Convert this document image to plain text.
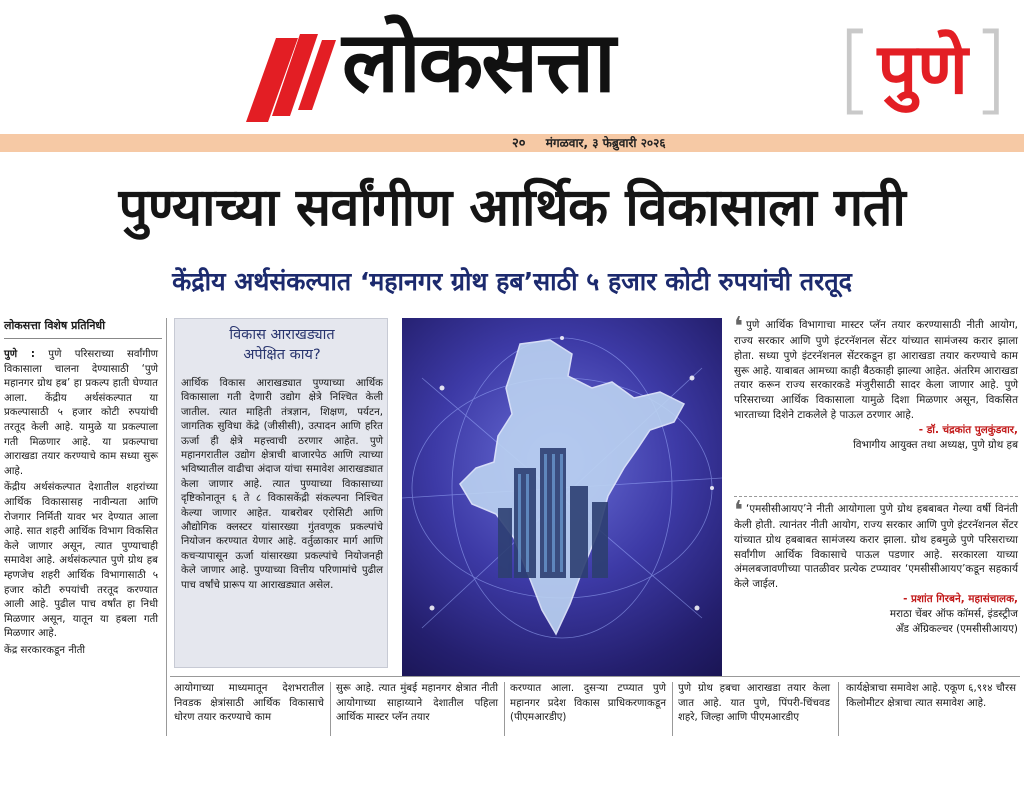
लोकसत्ता [ पुणे ]
२० मंगळवार, ३ फेब्रुवारी २०२६
पुण्याच्या सर्वांगीण आर्थिक विकासाला गती
केंद्रीय अर्थसंकल्पात ‘महानगर ग्रोथ हब’साठी ५ हजार कोटी रुपयांची तरतूद
लोकसत्ता विशेष प्रतिनिधी

पुणे : पुणे परिसराच्या सर्वांगीण विकासाला चालना देण्यासाठी ‘पुणे महानगर ग्रोथ हब’ हा प्रकल्प हाती घेण्यात आला. केंद्रीय अर्थसंकल्पात या प्रकल्पासाठी ५ हजार कोटी रुपयांची तरतूद केली आहे. यामुळे या प्रकल्पाला गती मिळणार आहे. या प्रकल्पाचा आराखडा तयार करण्याचे काम सध्या सुरू आहे.

केंद्रीय अर्थसंकल्पात देशातील शहरांच्या आर्थिक विकासासह नावीन्यता आणि रोजगार निर्मिती यावर भर देण्यात आला आहे. सात शहरी आर्थिक विभाग विकसित केले जाणार असून, त्यात पुण्याचाही समावेश आहे. अर्थसंकल्पात पुणे ग्रोथ हब म्हणजेच शहरी आर्थिक विभागासाठी ५ हजार कोटी रुपयांची तरतूद करण्यात आली आहे. पुढील पाच वर्षांत हा निधी मिळणार असून, यातून या हबला गती मिळणार आहे.

केंद्र सरकारकडून नीती

विकास आराखड्यात
अपेक्षित काय?
आर्थिक विकास आराखड्यात पुण्याच्या आर्थिक विकासाला गती देणारी उद्योग क्षेत्रे निश्चित केली जातील. त्यात माहिती तंत्रज्ञान, शिक्षण, पर्यटन, जागतिक सुविधा केंद्रे (जीसीसी), उत्पादन आणि हरित ऊर्जा ही क्षेत्रे महत्त्वाची ठरणार आहेत. पुणे महानगरातील उद्योग क्षेत्राची बाजारपेठ आणि त्याच्या भविष्यातील वाढीचा अंदाज यांचा समावेश आराखड्यात केला जाणार आहे. त्यात पुण्याच्या विकासाच्या दृष्टिकोनातून ६ ते ८ विकासकेंद्री संकल्पना निश्चित केल्या जाणार आहेत. याबरोबर एरोसिटी आणि औद्योगिक क्लस्टर यांसारख्या गुंतवणूक प्रकल्पांचे नियोजन करण्यात येणार आहे. वर्तुळाकार मार्ग आणि कचऱ्यापासून ऊर्जा यांसारख्या प्रकल्पांचे नियोजनही केले जाणार आहे. पुण्याच्या वित्तीय परिणामांचे पुढील पाच वर्षांचे प्रारूप या आराखड्यात असेल.
❛ पुणे आर्थिक विभागाचा मास्टर प्लॅन तयार करण्यासाठी नीती आयोग, राज्य सरकार आणि पुणे इंटरनॅशनल सेंटर यांच्यात सामंजस्य करार झाला होता. सध्या पुणे इंटरनॅशनल सेंटरकडून हा आराखडा तयार करण्याचे काम सुरू आहे. याबाबत आमच्या काही बैठकाही झाल्या आहेत. अंतरिम आराखडा तयार करून राज्य सरकारकडे मंजुरीसाठी सादर केला जाणार आहे. पुणे परिसराच्या आर्थिक विकासाला यामुळे दिशा मिळणार असून, विकसित भारताच्या दिशेने टाकलेले हे पाऊल ठरणार आहे.
- डॉ. चंद्रकांत पुलकुंडवार,
विभागीय आयुक्त तथा अध्यक्ष, पुणे ग्रोथ हब
❛ ‘एमसीसीआयए’ने नीती आयोगाला पुणे ग्रोथ हबबाबत गेल्या वर्षी विनंती केली होती. त्यानंतर नीती आयोग, राज्य सरकार आणि पुणे इंटरनॅशनल सेंटर यांच्यात ग्रोथ हबबाबत सामंजस्य करार झाला. ग्रोथ हबमुळे पुणे परिसराच्या सर्वांगीण आर्थिक विकासाचे पाऊल पडणार आहे. सरकारला याच्या अंमलबजावणीच्या पातळीवर प्रत्येक टप्प्यावर ‘एमसीसीआयए’कडून सहकार्य केले जाईल.
- प्रशांत गिरबने, महासंचालक,
मराठा चेंबर ऑफ कॉमर्स, इंडस्ट्रीज
अँड अ‍ॅग्रिकल्चर (एमसीसीआयए)
आयोगाच्या माध्यमातून देशभरातील निवडक क्षेत्रांसाठी आर्थिक विकासाचे धोरण तयार करण्याचे काम
सुरू आहे. त्यात मुंबई महानगर क्षेत्रात नीती आयोगाच्या साहाय्याने देशातील पहिला आर्थिक मास्टर प्लॅन तयार
करण्यात आला. दुसऱ्या टप्प्यात पुणे महानगर प्रदेश विकास प्राधिकरणाकडून (पीएमआरडीए)
पुणे ग्रोथ हबचा आराखडा तयार केला जात आहे. यात पुणे, पिंपरी-चिंचवड शहरे, जिल्हा आणि पीएमआरडीए
कार्यक्षेत्राचा समावेश आहे. एकूण ६,९१४ चौरस किलोमीटर क्षेत्राचा त्यात समावेश आहे.
